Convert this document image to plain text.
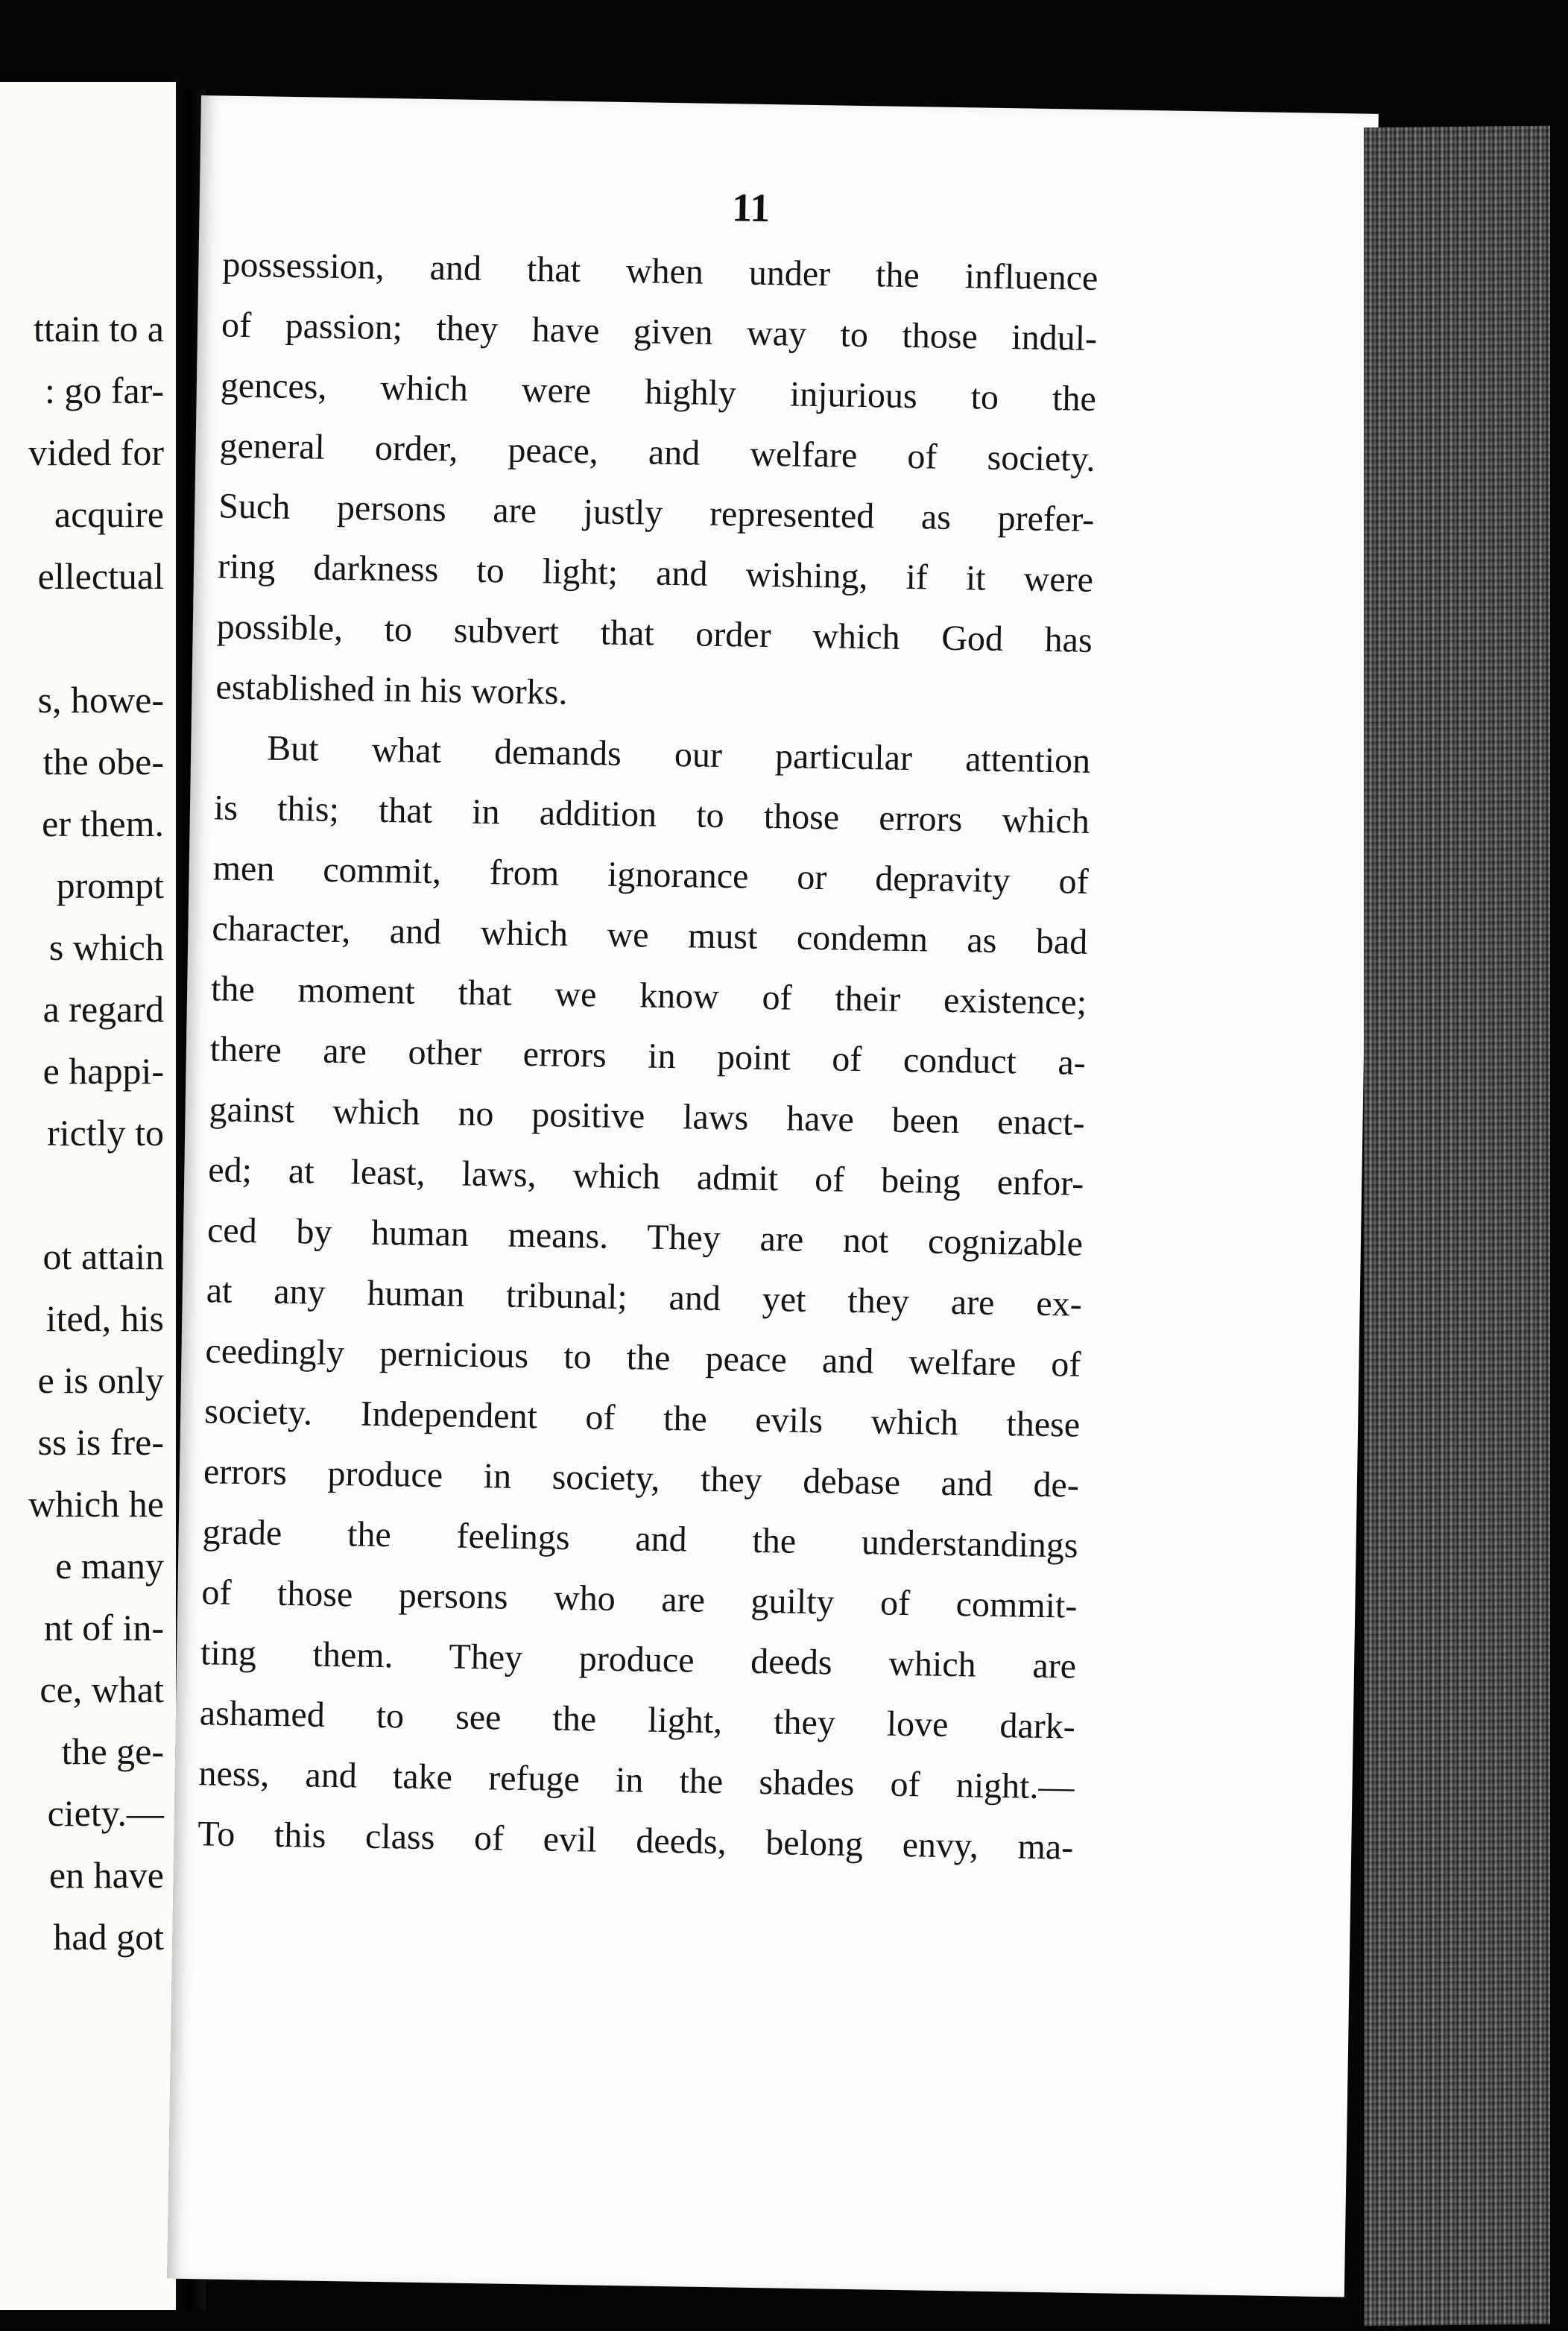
ttain to a
: go far-
vided for
acquire
ellectual
s, howe-
the obe-
er them.
prompt
s which
a regard
e happi-
rictly to
ot attain
ited, his
e is only
ss is fre-
which he
e many
nt of in-
ce, what
the ge-
ciety.—
en have
had got
11
possession, and that when under the influence
of passion; they have given way to those indul-
gences, which were highly injurious to the
general order, peace, and welfare of society.
Such persons are justly represented as prefer-
ring darkness to light; and wishing, if it were
possible, to subvert that order which God has
established in his works.
But what demands our particular attention
is this; that in addition to those errors which
men commit, from ignorance or depravity of
character, and which we must condemn as bad
the moment that we know of their existence;
there are other errors in point of conduct a-
gainst which no positive laws have been enact-
ed; at least, laws, which admit of being enfor-
ced by human means. They are not cognizable
at any human tribunal; and yet they are ex-
ceedingly pernicious to the peace and welfare of
society. Independent of the evils which these
errors produce in society, they debase and de-
grade the feelings and the understandings
of those persons who are guilty of commit-
ting them. They produce deeds which are
ashamed to see the light, they love dark-
ness, and take refuge in the shades of night.—
To this class of evil deeds, belong envy, ma-
